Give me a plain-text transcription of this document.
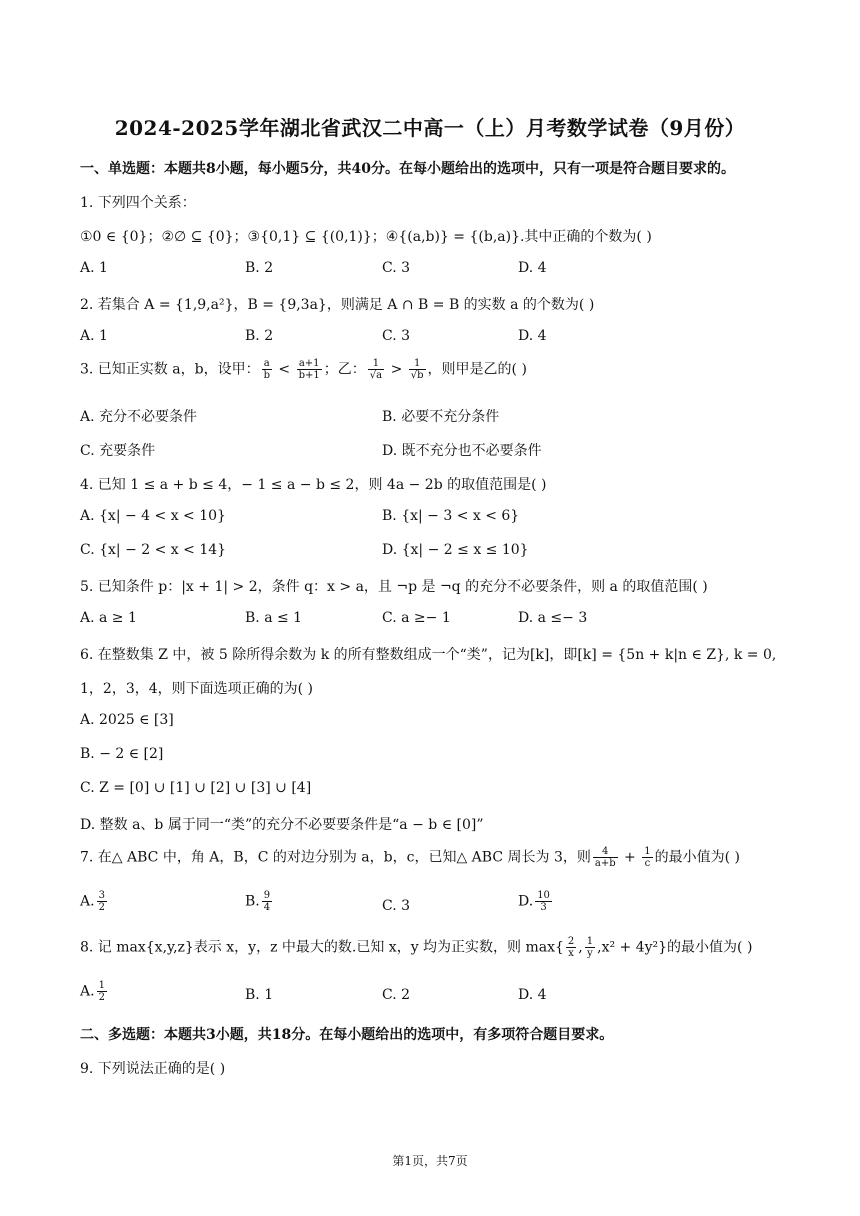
2024-2025学年湖北省武汉二中高一（上）月考数学试卷（9月份）
一、单选题：本题共8小题，每小题5分，共40分。在每小题给出的选项中，只有一项是符合题目要求的。
1. 下列四个关系：
①0 ∈ {0}；②∅ ⊆ {0}；③{0,1} ⊆ {(0,1)}；④{(a,b)} = {(b,a)}.其中正确的个数为( )
A. 1	B. 2	C. 3	D. 4
2. 若集合 A = {1,9,a²}，B = {9,3a}，则满足 A ∩ B = B 的实数 a 的个数为( )
A. 1	B. 2	C. 3	D. 4
3. 已知正实数 a，b，设甲： $\frac{a}{b} < \frac{a+1}{b+1}$ ；乙： $\frac{1}{√a} > \frac{1}{√b}$ ，则甲是乙的( )
A. 充分不必要条件	B. 必要不充分条件
C. 充要条件	D. 既不充分也不必要条件
4. 已知 1 ≤ a + b ≤ 4，− 1 ≤ a − b ≤ 2，则 4a − 2b 的取值范围是( )
A. {x| − 4 < x < 10}	B. {x| − 3 < x < 6}
C. {x| − 2 < x < 14}	D. {x| − 2 ≤ x ≤ 10}
5. 已知条件 p：|x + 1| > 2，条件 q：x > a，且 ¬p 是 ¬q 的充分不必要条件，则 a 的取值范围( )
A. a ≥ 1	B. a ≤ 1	C. a ≥− 1	D. a ≤− 3
6. 在整数集 Z 中，被 5 除所得余数为 k 的所有整数组成一个“类”，记为[k]，即[k] = {5n + k|n ∈ Z}, k = 0,
1，2，3，4，则下面选项正确的为( )
A. 2025 ∈ [3]
B. − 2 ∈ [2]
C. Z = [0] ∪ [1] ∪ [2] ∪ [3] ∪ [4]
D. 整数 a、b 属于同一“类”的充分不必要要条件是“a − b ∈ [0]”
7. 在△ ABC 中，角 A，B，C 的对边分别为 a，b，c，已知△ ABC 周长为 3，则 $\frac{4}{a+b} + \frac{1}{c}$ 的最小值为( )
A. $\frac{3}{2}$	B. $\frac{9}{4}$	C. 3	D. $\frac{10}{3}$
8. 记 max{x,y,z}表示 x，y，z 中最大的数.已知 x，y 均为正实数，则 $\max\{ \frac{2}{x}$ , $\frac{1}{y} ,x^2 + 4y^2$}的最小值为( )
A. $\frac{1}{2}$	B. 1	C. 2	D. 4
二、多选题：本题共3小题，共18分。在每小题给出的选项中，有多项符合题目要求。
9. 下列说法正确的是( )
第1页，共7页
